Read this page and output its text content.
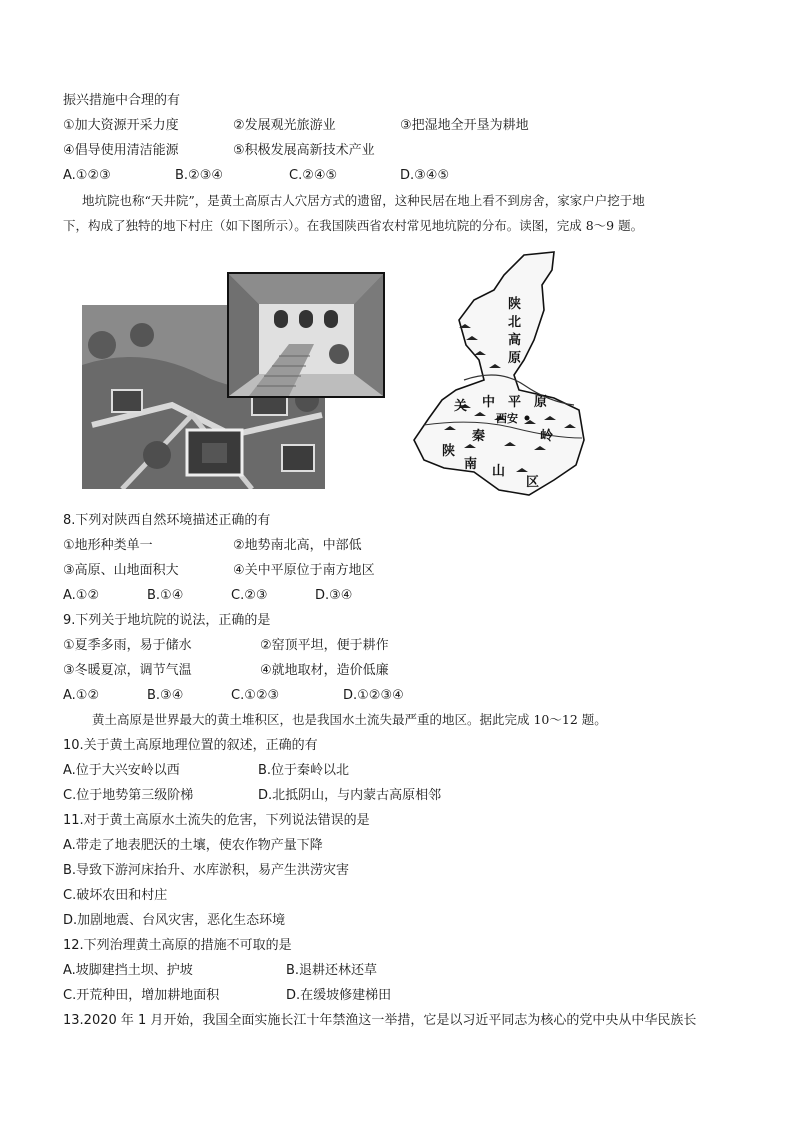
振兴措施中合理的有
①加大资源开采力度	②发展观光旅游业	③把湿地全开垦为耕地
④倡导使用清洁能源	⑤积极发展高新技术产业
A.①②③	B.②③④	C.②④⑤	D.③④⑤
地坑院也称“天井院”，是黄土高原古人穴居方式的遗留，这种民居在地上看不到房舍，家家户户挖于地
下，构成了独特的地下村庄（如下图所示）。在我国陕西省农村常见地坑院的分布。读图，完成 8～9 题。
陕
北
高
原
关 中 平 原
西安
秦	岭
陕
南 山
区
8.下列对陕西自然环境描述正确的有
①地形种类单一	②地势南北高，中部低
③高原、山地面积大	④关中平原位于南方地区
A.①②	B.①④	C.②③	D.③④
9.下列关于地坑院的说法，正确的是
①夏季多雨，易于储水	②窑顶平坦，便于耕作
③冬暖夏凉，调节气温	④就地取材，造价低廉
A.①②	B.③④	C.①②③	D.①②③④
黄土高原是世界最大的黄土堆积区，也是我国水土流失最严重的地区。据此完成 10～12 题。
10.关于黄土高原地理位置的叙述，正确的有
A.位于大兴安岭以西	B.位于秦岭以北
C.位于地势第三级阶梯	D.北抵阴山，与内蒙古高原相邻
11.对于黄土高原水土流失的危害，下列说法错误的是
A.带走了地表肥沃的土壤，使农作物产量下降
B.导致下游河床抬升、水库淤积，易产生洪涝灾害
C.破坏农田和村庄
D.加剧地震、台风灾害，恶化生态环境
12.下列治理黄土高原的措施不可取的是
A.坡脚建挡土坝、护坡	B.退耕还林还草
C.开荒种田，增加耕地面积	D.在缓坡修建梯田
13.2020 年 1 月开始，我国全面实施长江十年禁渔这一举措，它是以习近平同志为核心的党中央从中华民族长
